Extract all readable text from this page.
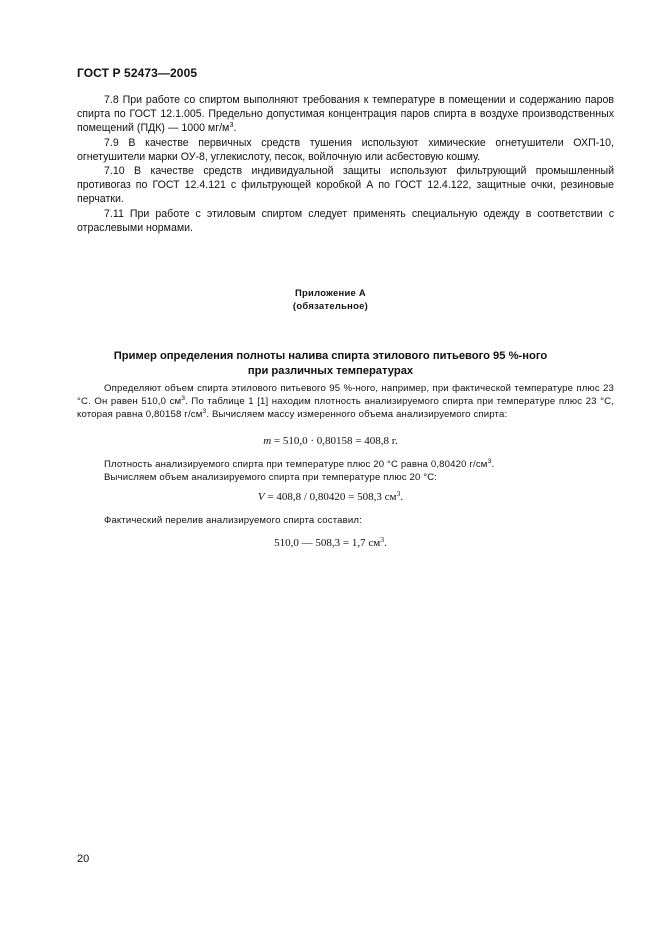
ГОСТ Р 52473—2005

7.8 При работе со спиртом выполняют требования к температуре в помещении и содержанию паров спирта по ГОСТ 12.1.005. Предельно допустимая концентрация паров спирта в воздухе производственных помещений (ПДК) — 1000 $мг/м^3$.

7.9 В качестве первичных средств тушения используют химические огнетушители ОХП-10, огнетушители марки ОУ-8, углекислоту, песок, войлочную или асбестовую кошму.

7.10 В качестве средств индивидуальной защиты используют фильтрующий промышленный противогаз по ГОСТ 12.4.121 с фильтрующей коробкой А по ГОСТ 12.4.122, защитные очки, резиновые перчатки.

7.11 При работе с этиловым спиртом следует применять специальную одежду в соответствии с отраслевыми нормами.

Приложение А
(обязательное)
Пример определения полноты налива спирта этилового питьевого 95 %-ного
при различных температурах

Определяют объем спирта этилового питьевого 95 %-ного, например, при фактической температуре плюс 23 °С. Он равен 510,0 $см^3$. По таблице 1 [1] находим плотность анализируемого спирта при температуре плюс 23 °С, которая равна 0,80158 $г/см^3$. Вычисляем массу измеренного объема анализируемого спирта:

m = 510,0 · 0,80158 = 408,8 г.

Плотность анализируемого спирта при температуре плюс 20 °С равна 0,80420 $г/см^3$.

Вычисляем объем анализируемого спирта при температуре плюс 20 °С:

V = 408,8 / 0,80420 = 508,3 $см^3$.

Фактический перелив анализируемого спирта составил:

510,0 — 508,3 = 1,7 $см^3$.
20
